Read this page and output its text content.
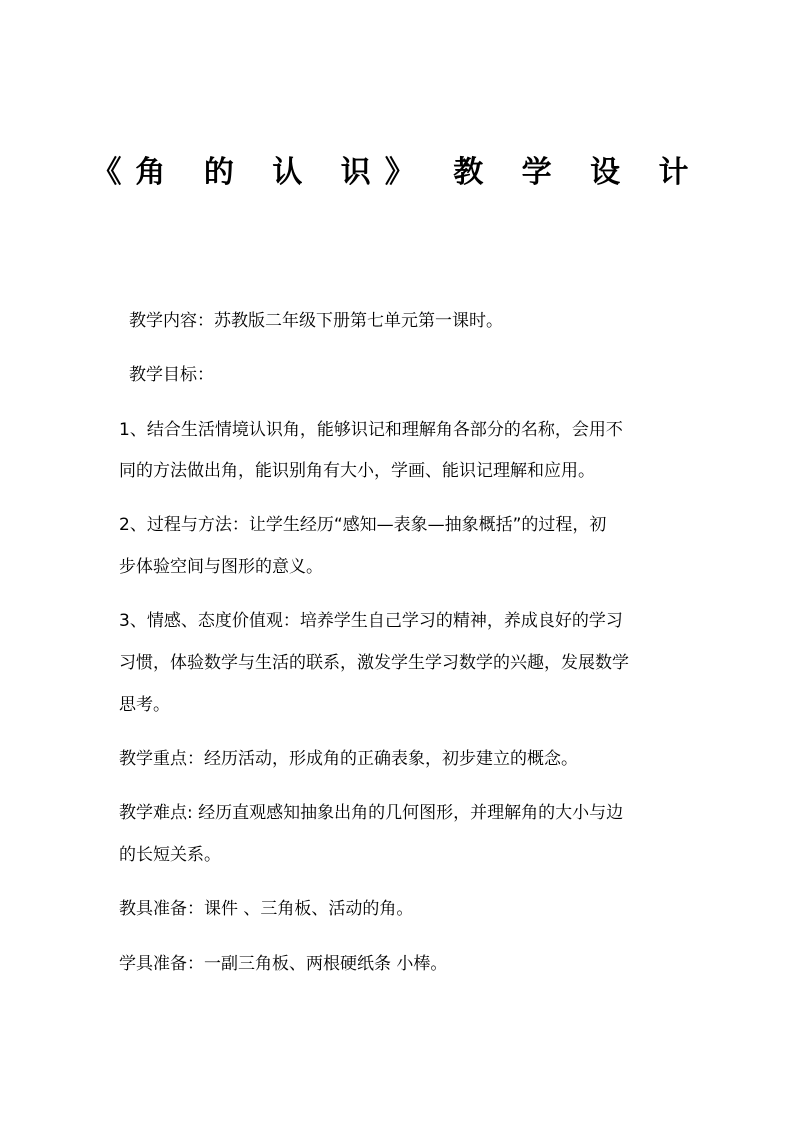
《角 的 认 识》 教 学 设 计
教学内容：苏教版二年级下册第七单元第一课时。
教学目标：
1、结合生活情境认识角，能够识记和理解角各部分的名称，会用不
同的方法做出角，能识别角有大小，学画、能识记理解和应用。
2、过程与方法：让学生经历“感知—表象—抽象概括”的过程，初
步体验空间与图形的意义。
3、情感、态度价值观：培养学生自己学习的精神，养成良好的学习
习惯，体验数学与生活的联系，激发学生学习数学的兴趣，发展数学
思考。
教学重点：经历活动，形成角的正确表象，初步建立的概念。
教学难点: 经历直观感知抽象出角的几何图形，并理解角的大小与边
的长短关系。
教具准备：课件 、三角板、活动的角。
学具准备：一副三角板、两根硬纸条 小棒。
